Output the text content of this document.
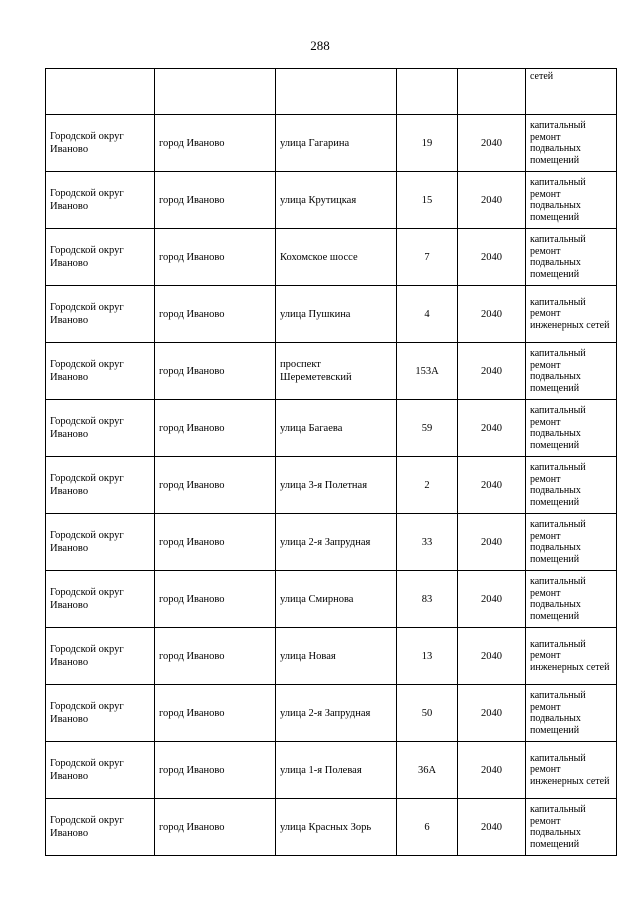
288
					сетей
Городской округ Иваново	город Иваново	улица Гагарина	19	2040	капитальный ремонт подвальных помещений
Городской округ Иваново	город Иваново	улица Крутицкая	15	2040	капитальный ремонт подвальных помещений
Городской округ Иваново	город Иваново	Кохомское шоссе	7	2040	капитальный ремонт подвальных помещений
Городской округ Иваново	город Иваново	улица Пушкина	4	2040	капитальный ремонт инженерных сетей
Городской округ Иваново	город Иваново	проспект Шереметевский	153А	2040	капитальный ремонт подвальных помещений
Городской округ Иваново	город Иваново	улица Багаева	59	2040	капитальный ремонт подвальных помещений
Городской округ Иваново	город Иваново	улица 3-я Полетная	2	2040	капитальный ремонт подвальных помещений
Городской округ Иваново	город Иваново	улица 2-я Запрудная	33	2040	капитальный ремонт подвальных помещений
Городской округ Иваново	город Иваново	улица Смирнова	83	2040	капитальный ремонт подвальных помещений
Городской округ Иваново	город Иваново	улица Новая	13	2040	капитальный ремонт инженерных сетей
Городской округ Иваново	город Иваново	улица 2-я Запрудная	50	2040	капитальный ремонт подвальных помещений
Городской округ Иваново	город Иваново	улица 1-я Полевая	36А	2040	капитальный ремонт инженерных сетей
Городской округ Иваново	город Иваново	улица Красных Зорь	6	2040	капитальный ремонт подвальных помещений
